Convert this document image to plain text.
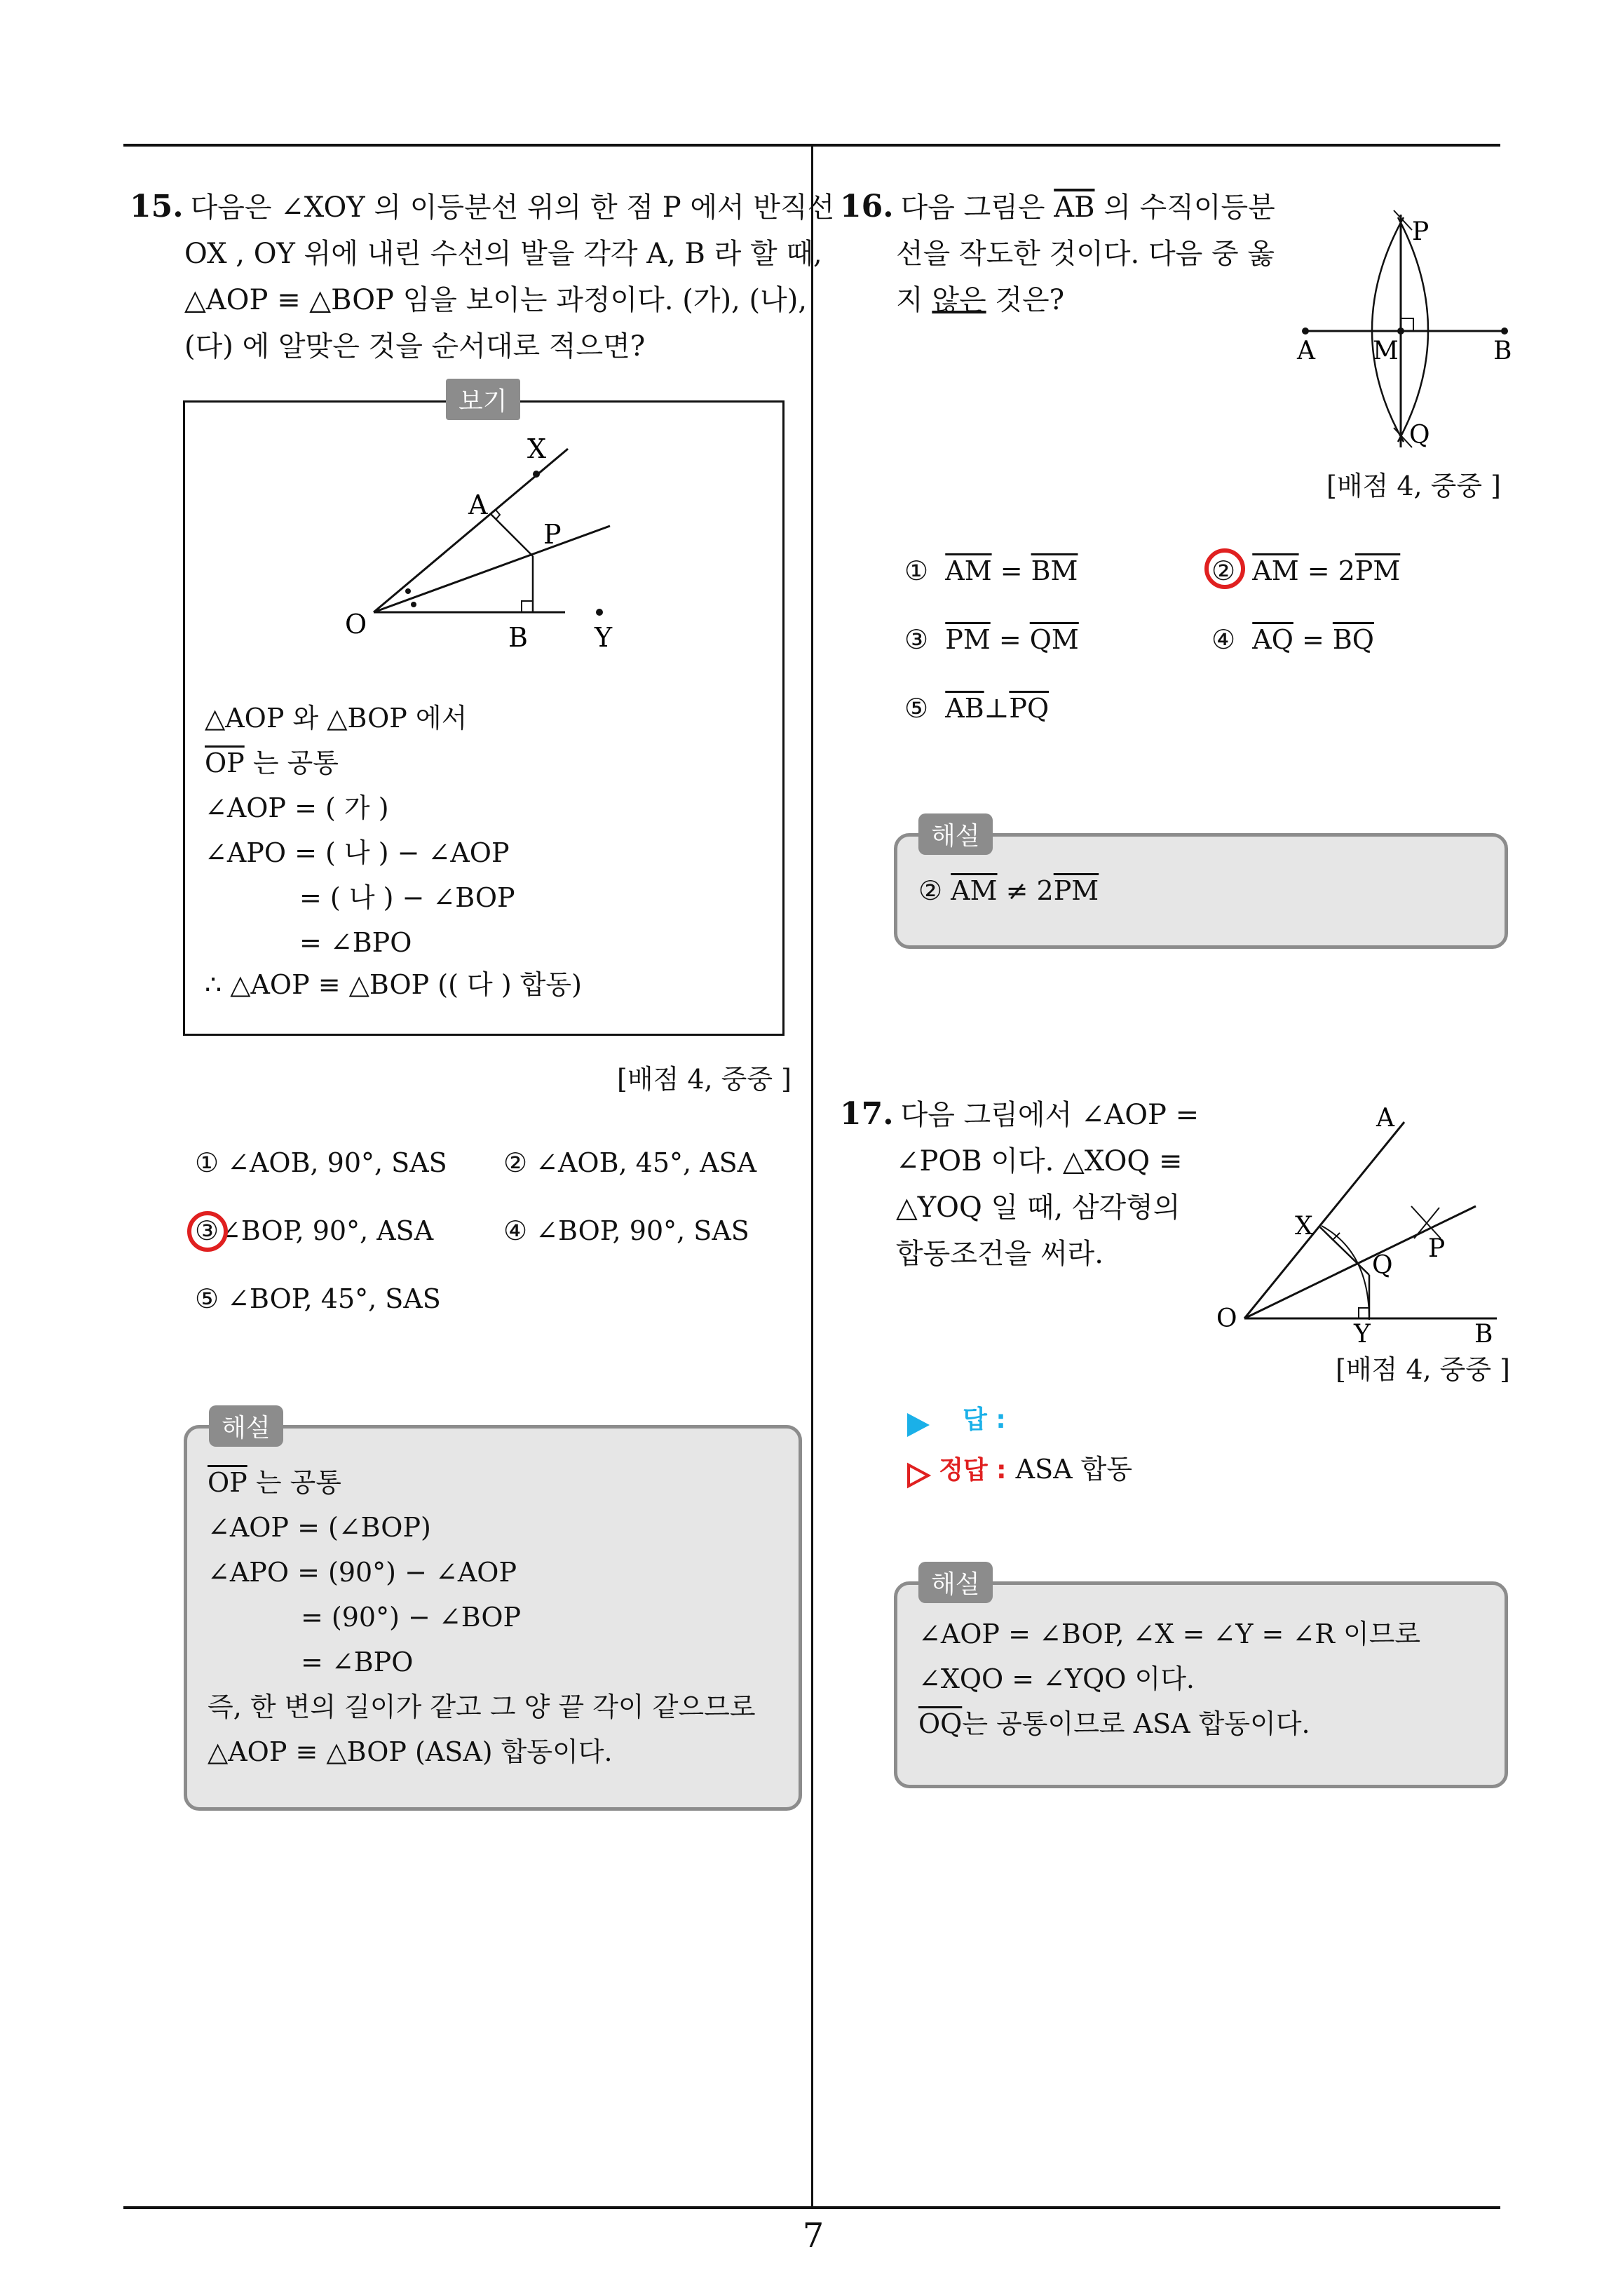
7
15. 다음은 ∠XOY 의 이등분선 위의 한 점 P 에서 반직선
OX , OY 위에 내린 수선의 발을 각각 A, B 라 할 때,
△AOP ≡ △BOP 임을 보이는 과정이다. (가), (나),
(다) 에 알맞은 것을 순서대로 적으면?
보기
X
A
P
O	B	Y
△AOP 와 △BOP 에서
$\overline{OP}$ 는 공통
∠AOP = ( 가 )
∠APO = ( 나 ) − ∠AOP
= ( 나 ) − ∠BOP
= ∠BPO
∴ △AOP ≡ △BOP (( 다 ) 합동)
[배점 4, 중중 ]
① ∠AOB, 90°, SAS ② ∠AOB, 45°, ASA
③∠BOP, 90°, ASA	④ ∠BOP, 90°, SAS
⑤ ∠BOP, 45°, SAS
해설
$\overline{OP}$ 는 공통
∠AOP = (∠BOP)
∠APO = (90°) − ∠AOP
= (90°) − ∠BOP
= ∠BPO
즉, 한 변의 길이가 같고 그 양 끝 각이 같으므로
△AOP ≡ △BOP (ASA) 합동이다.
16. 다음 그림은 $\overline{AB}$ 의 수직이등분
선을 작도한 것이다. 다음 중 옳
지 않은 것은?
P
A M	B
Q
[배점 4, 중중 ]
① $\overline{AM} = \overline{BM}$	② $\overline{AM} = 2\overline{PM}$
③ $\overline{PM} = \overline{QM}$	④ $\overline{AQ} = \overline{BQ}$
⑤ $\overline{AB}\perp\overline{PQ}$
해설
② $\overline{AM} \ne 2\overline{PM}$
17. 다음 그림에서 ∠AOP =
∠POB 이다. △XOQ ≡
△YOQ 일 때, 삼각형의
합동조건을 써라.
A
X
Q
P
O
Y	B
[배점 4, 중중 ]
답 :
정답 : ASA 합동
해설
∠AOP = ∠BOP, ∠X = ∠Y = ∠R 이므로
∠XQO = ∠YQO 이다.
$\overline{OQ}$는 공통이므로 ASA 합동이다.
